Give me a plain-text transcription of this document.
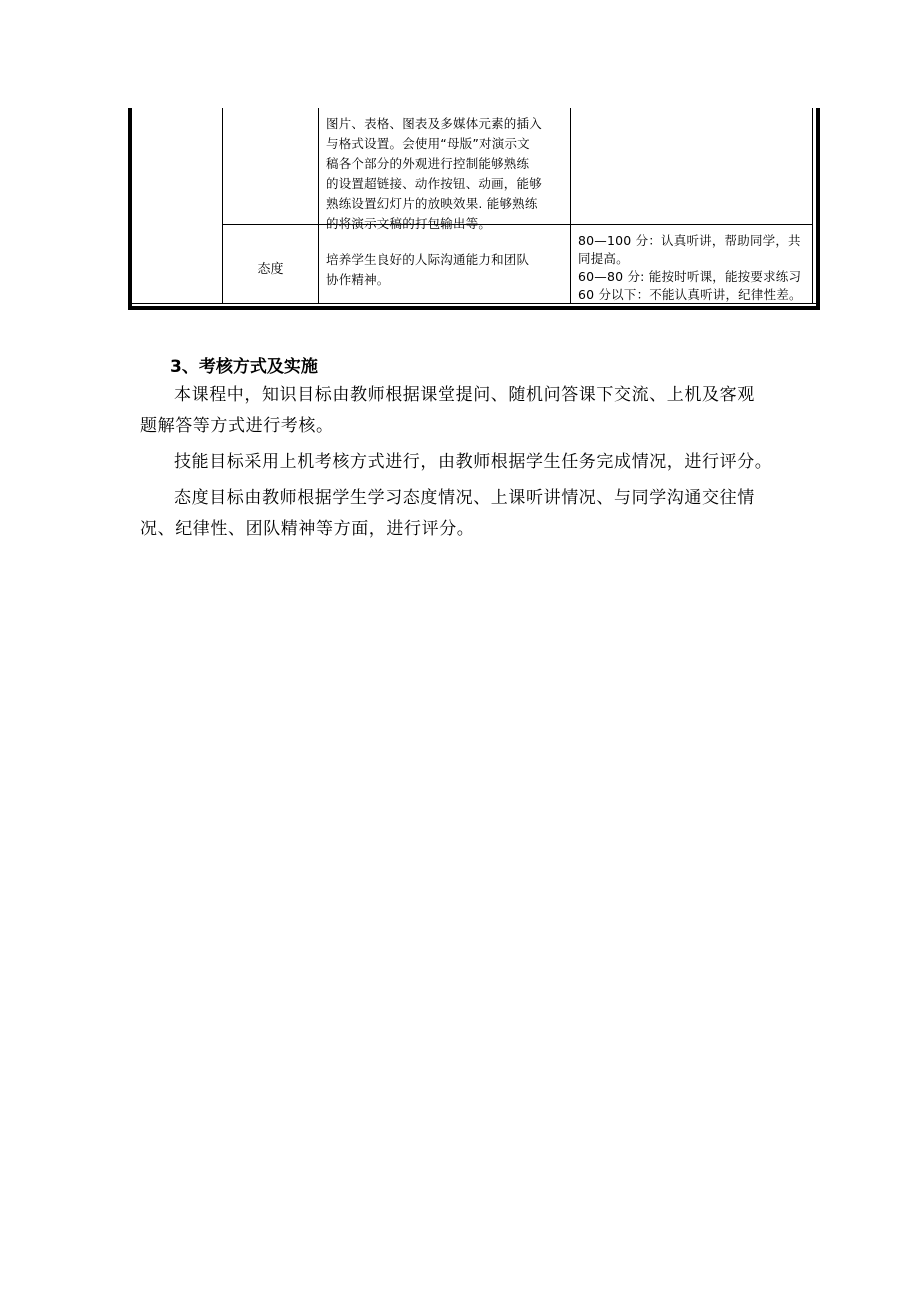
图片、表格、图表及多媒体元素的插入
与格式设置。会使用“母版”对演示文
稿各个部分的外观进行控制能够熟练
的设置超链接、动作按钮、动画，能够
熟练设置幻灯片的放映效果. 能够熟练
的将演示文稿的打包输出等。
态度
培养学生良好的人际沟通能力和团队
协作精神。
80—100 分：认真听讲，帮助同学，共
同提高。
60—80 分: 能按时听课，能按要求练习
60 分以下：不能认真听讲，纪律性差。
3、考核方式及实施
本课程中，知识目标由教师根据课堂提问、随机问答课下交流、上机及客观
题解答等方式进行考核。
技能目标采用上机考核方式进行，由教师根据学生任务完成情况，进行评分。
态度目标由教师根据学生学习态度情况、上课听讲情况、与同学沟通交往情
况、纪律性、团队精神等方面，进行评分。
